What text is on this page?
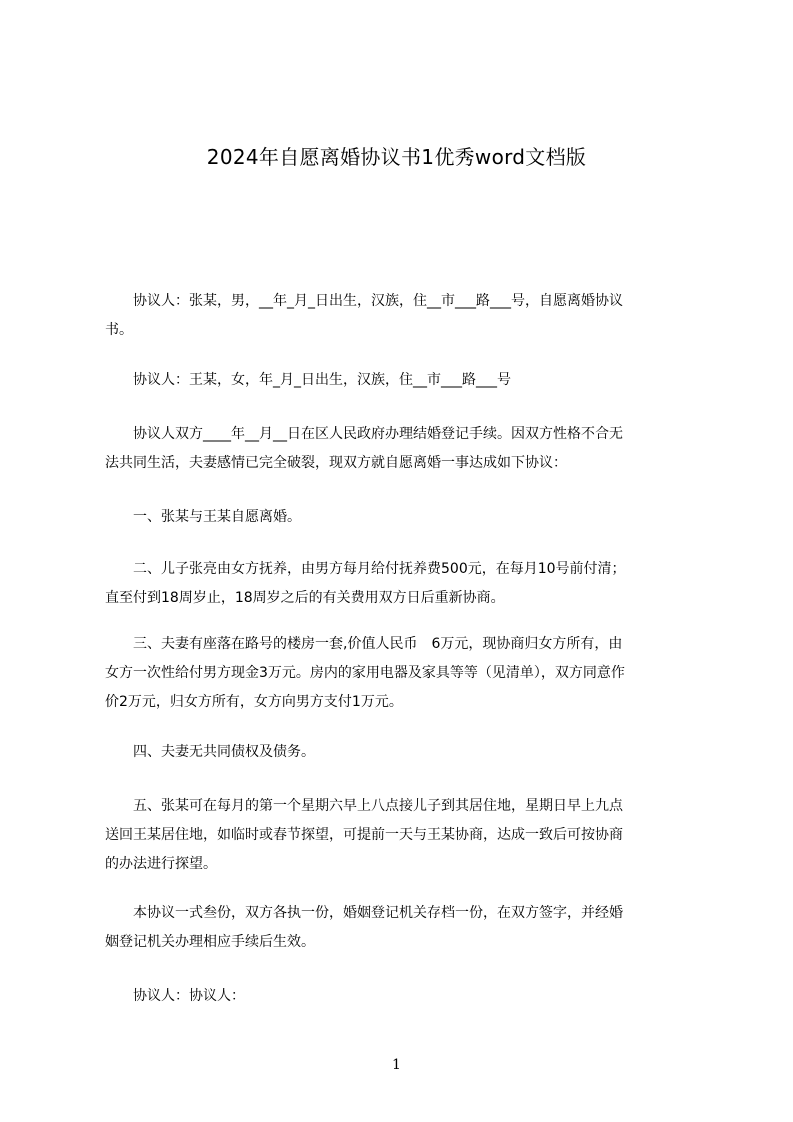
2024年自愿离婚协议书1优秀word文档版

　　协议人：张某，男，__年_月_日出生，汉族，住__市___路___号，自愿离婚协议
书。

　　协议人：王某，女，年_月_日出生，汉族，住__市___路___号

　　协议人双方____年__月__日在区人民政府办理结婚登记手续。因双方性格不合无
法共同生活，夫妻感情已完全破裂，现双方就自愿离婚一事达成如下协议：

　　一、张某与王某自愿离婚。

　　二、儿子张亮由女方抚养，由男方每月给付抚养费500元，在每月10号前付清；
直至付到18周岁止，18周岁之后的有关费用双方日后重新协商。

　　三、夫妻有座落在路号的楼房一套,价值人民币　6万元，现协商归女方所有，由
女方一次性给付男方现金3万元。房内的家用电器及家具等等（见清单），双方同意作
价2万元，归女方所有，女方向男方支付1万元。

　　四、夫妻无共同债权及债务。

　　五、张某可在每月的第一个星期六早上八点接儿子到其居住地，星期日早上九点
送回王某居住地，如临时或春节探望，可提前一天与王某协商，达成一致后可按协商
的办法进行探望。

　　本协议一式叁份，双方各执一份，婚姻登记机关存档一份，在双方签字，并经婚
姻登记机关办理相应手续后生效。

　　协议人：协议人：

1
